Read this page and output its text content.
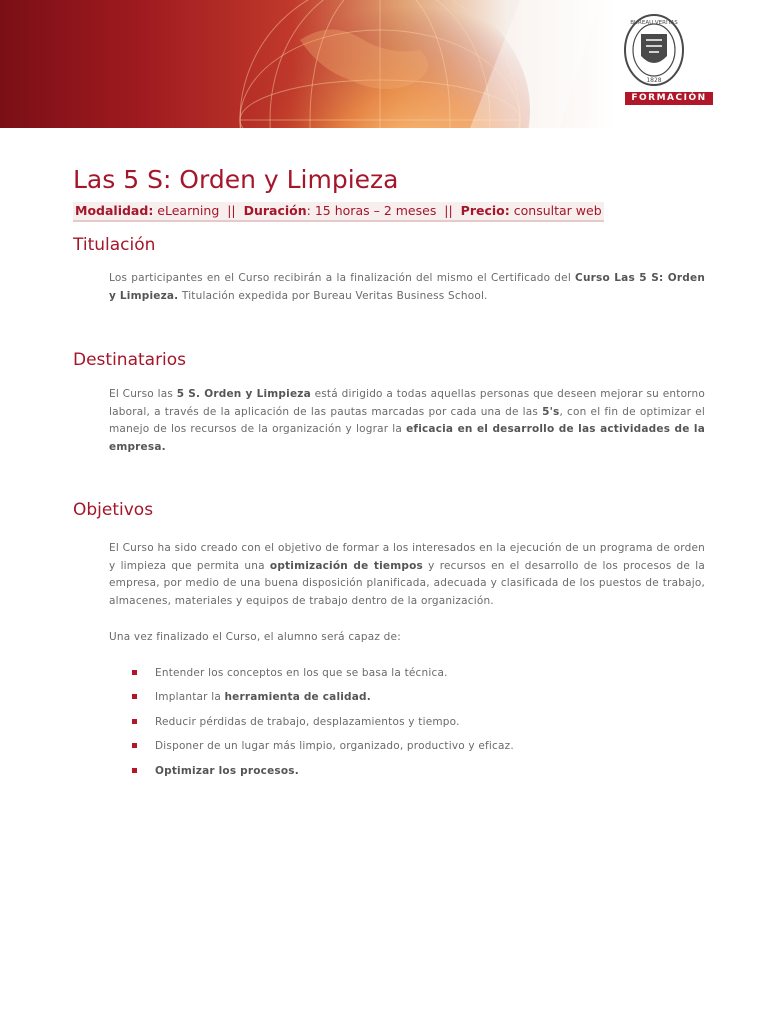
BUREAU VERITAS
1828
FORMACIÓN
Las 5 S: Orden y Limpieza
Modalidad: eLearning || Duración: 15 horas – 2 meses || Precio: consultar web
Titulación
Los participantes en el Curso recibirán a la finalización del mismo el Certificado del Curso Las 5 S: Orden y Limpieza. Titulación expedida por Bureau Veritas Business School.
Destinatarios
El Curso las 5 S. Orden y Limpieza está dirigido a todas aquellas personas que deseen mejorar su entorno laboral, a través de la aplicación de las pautas marcadas por cada una de las 5's, con el fin de optimizar el manejo de los recursos de la organización y lograr la eficacia en el desarrollo de las actividades de la empresa.
Objetivos
El Curso ha sido creado con el objetivo de formar a los interesados en la ejecución de un programa de orden y limpieza que permita una optimización de tiempos y recursos en el desarrollo de los procesos de la empresa, por medio de una buena disposición planificada, adecuada y clasificada de los puestos de trabajo, almacenes, materiales y equipos de trabajo dentro de la organización.
Una vez finalizado el Curso, el alumno será capaz de:
Entender los conceptos en los que se basa la técnica.
Implantar la herramienta de calidad.
Reducir pérdidas de trabajo, desplazamientos y tiempo.
Disponer de un lugar más limpio, organizado, productivo y eficaz.
Optimizar los procesos.
